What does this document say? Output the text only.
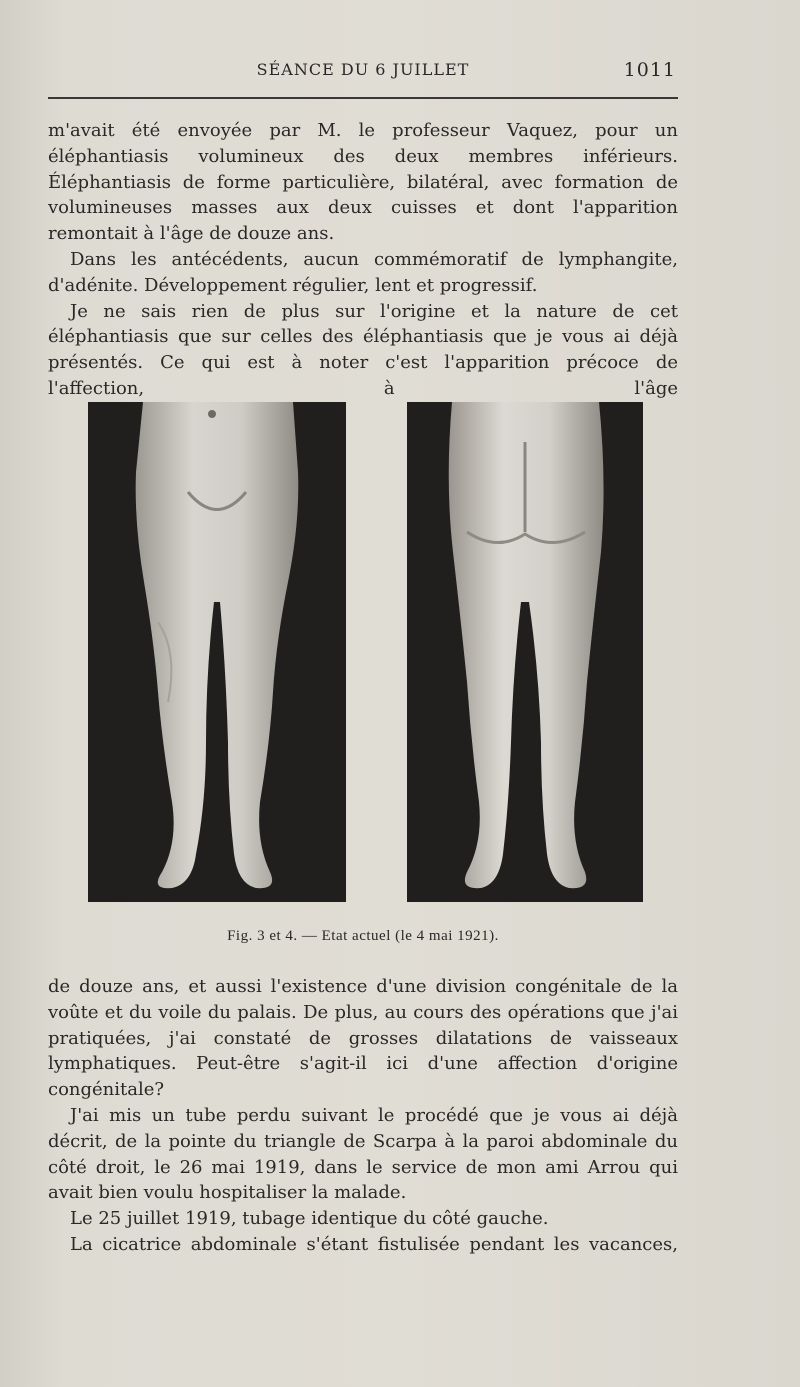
SÉANCE DU 6 JUILLET	1011

m'avait été envoyée par M. le professeur Vaquez, pour un éléphantiasis volumineux des deux membres inférieurs. Éléphantiasis de forme particulière, bilatéral, avec formation de volumineuses masses aux deux cuisses et dont l'apparition remontait à l'âge de douze ans.

Dans les antécédents, aucun commémoratif de lymphangite, d'adénite. Développement régulier, lent et progressif.

Je ne sais rien de plus sur l'origine et la nature de cet éléphantiasis que sur celles des éléphantiasis que je vous ai déjà présentés. Ce qui est à noter c'est l'apparition précoce de l'affection, à l'âge

Fig. 3 et 4. — Etat actuel (le 4 mai 1921).

de douze ans, et aussi l'existence d'une division congénitale de la voûte et du voile du palais. De plus, au cours des opérations que j'ai pratiquées, j'ai constaté de grosses dilatations de vaisseaux lymphatiques. Peut-être s'agit-il ici d'une affection d'origine congénitale?

J'ai mis un tube perdu suivant le procédé que je vous ai déjà décrit, de la pointe du triangle de Scarpa à la paroi abdominale du côté droit, le 26 mai 1919, dans le service de mon ami Arrou qui avait bien voulu hospitaliser la malade.

Le 25 juillet 1919, tubage identique du côté gauche.

La cicatrice abdominale s'étant fistulisée pendant les vacances,
